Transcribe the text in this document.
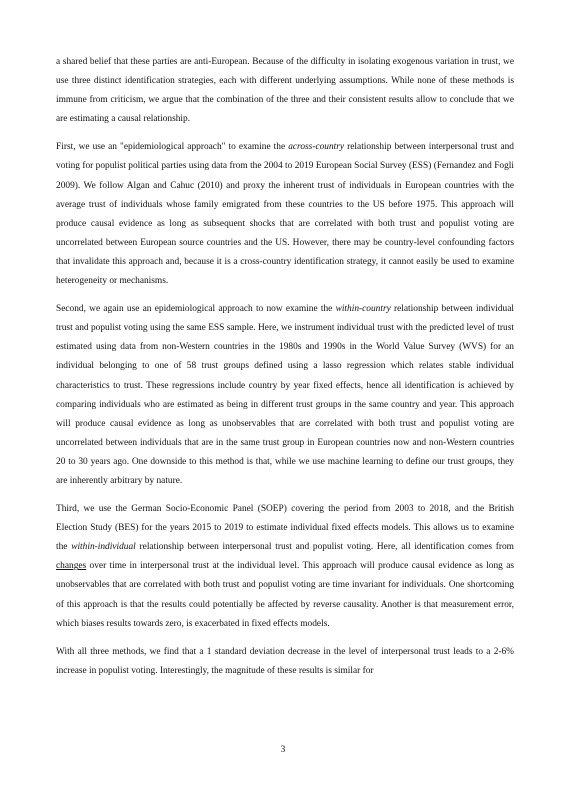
a shared belief that these parties are anti-European. Because of the difficulty in isolating exogenous variation in trust, we use three distinct identification strategies, each with different underlying assumptions. While none of these methods is immune from criticism, we argue that the combination of the three and their consistent results allow to conclude that we are estimating a causal relationship.

First, we use an "epidemiological approach" to examine the across-country relationship between interpersonal trust and voting for populist political parties using data from the 2004 to 2019 European Social Survey (ESS) (Fernandez and Fogli 2009). We follow Algan and Cahuc (2010) and proxy the inherent trust of individuals in European countries with the average trust of individuals whose family emigrated from these countries to the US before 1975. This approach will produce causal evidence as long as subsequent shocks that are correlated with both trust and populist voting are uncorrelated between European source countries and the US. However, there may be country-level confounding factors that invalidate this approach and, because it is a cross-country identification strategy, it cannot easily be used to examine heterogeneity or mechanisms.

Second, we again use an epidemiological approach to now examine the within-country relationship between individual trust and populist voting using the same ESS sample. Here, we instrument individual trust with the predicted level of trust estimated using data from non-Western countries in the 1980s and 1990s in the World Value Survey (WVS) for an individual belonging to one of 58 trust groups defined using a lasso regression which relates stable individual characteristics to trust. These regressions include country by year fixed effects, hence all identification is achieved by comparing individuals who are estimated as being in different trust groups in the same country and year. This approach will produce causal evidence as long as unobservables that are correlated with both trust and populist voting are uncorrelated between individuals that are in the same trust group in European countries now and non-Western countries 20 to 30 years ago. One downside to this method is that, while we use machine learning to define our trust groups, they are inherently arbitrary by nature.

Third, we use the German Socio-Economic Panel (SOEP) covering the period from 2003 to 2018, and the British Election Study (BES) for the years 2015 to 2019 to estimate individual fixed effects models. This allows us to examine the within-individual relationship between interpersonal trust and populist voting. Here, all identification comes from changes over time in interpersonal trust at the individual level. This approach will produce causal evidence as long as unobservables that are correlated with both trust and populist voting are time invariant for individuals. One shortcoming of this approach is that the results could potentially be affected by reverse causality. Another is that measurement error, which biases results towards zero, is exacerbated in fixed effects models.

With all three methods, we find that a 1 standard deviation decrease in the level of interpersonal trust leads to a 2-6% increase in populist voting. Interestingly, the magnitude of these results is similar for

3
